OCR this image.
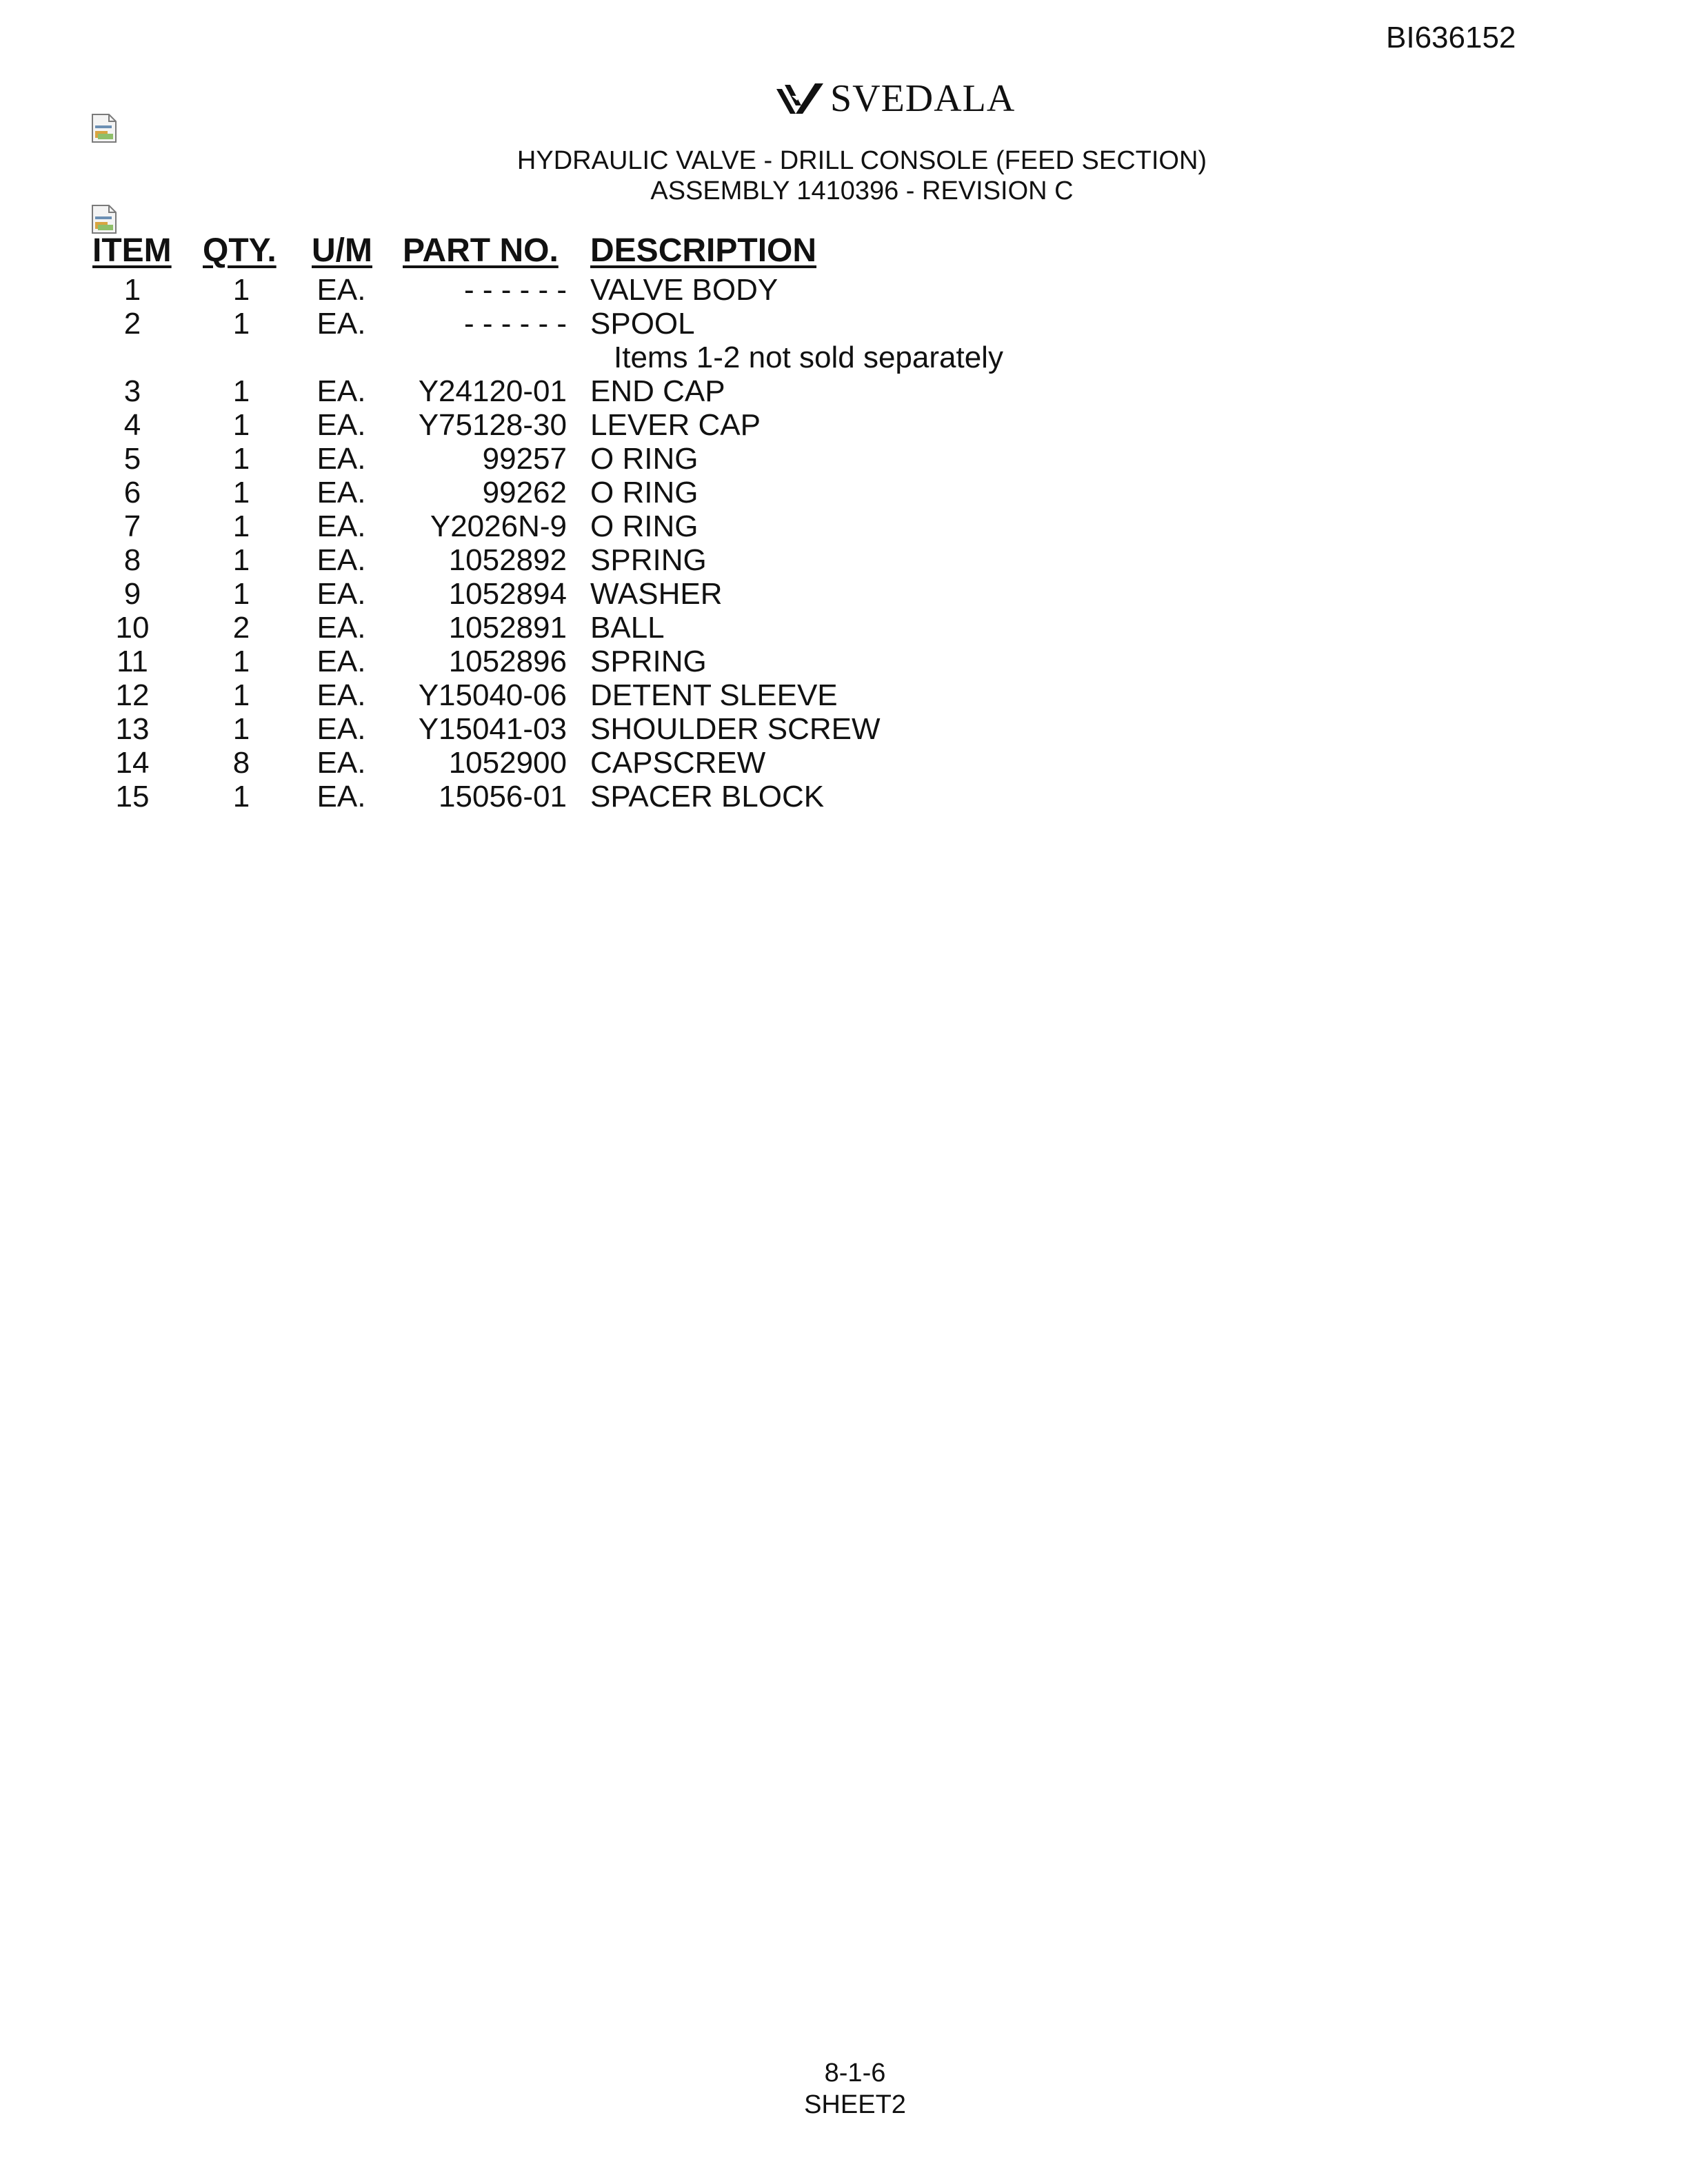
BI636152
SVEDALA
HYDRAULIC VALVE - DRILL CONSOLE (FEED SECTION)
ASSEMBLY 1410396 - REVISION C
ITEM QTY. U/M PART NO. DESCRIPTION
1	1	EA.	- - - - - - VALVE BODY
2	1	EA.	- - - - - - SPOOL
Items 1-2 not sold separately
3	1	EA.	Y24120-01 END CAP
4	1	EA.	Y75128-30 LEVER CAP
5	1	EA.	99257 O RING
6	1	EA.	99262 O RING
7	1	EA.	Y2026N-9 O RING
8	1	EA.	1052892 SPRING
9	1	EA.	1052894 WASHER
10	2	EA.	1052891 BALL
11	1	EA.	1052896 SPRING
12	1	EA.	Y15040-06 DETENT SLEEVE
13	1	EA.	Y15041-03 SHOULDER SCREW
14	8	EA.	1052900 CAPSCREW
15	1	EA.	15056-01 SPACER BLOCK
8-1-6
SHEET2
